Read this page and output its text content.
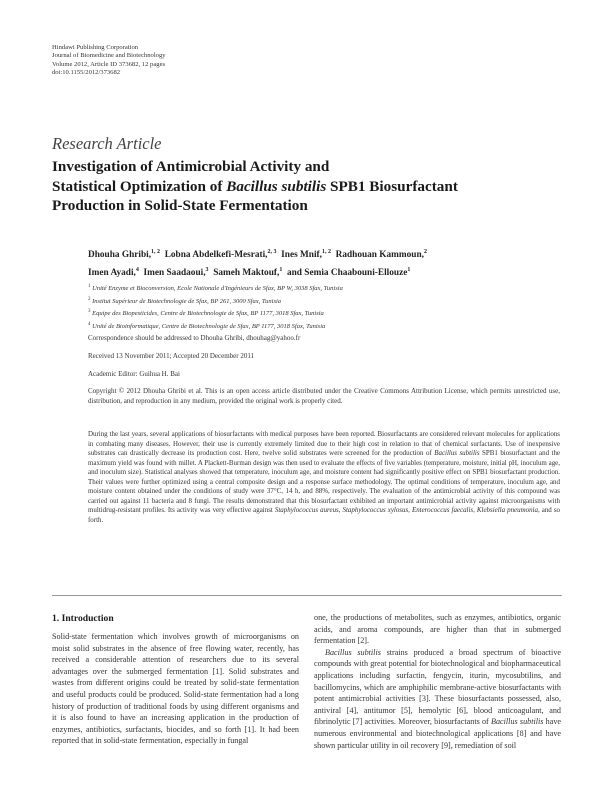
Hindawi Publishing Corporation
Journal of Biomedicine and Biotechnology
Volume 2012, Article ID 373682, 12 pages
doi:10.1155/2012/373682
Research Article
Investigation of Antimicrobial Activity and
Statistical Optimization of Bacillus subtilis SPB1 Biosurfactant
Production in Solid-State Fermentation
Dhouha Ghribi,$^{1, 2}$ Lobna Abdelkefi-Mesrati,$^{2, 3}$ Ines Mnif,$^{1, 2}$ Radhouan Kammoun,$^2$
Imen Ayadi,$^4$ Imen Saadaoui,$^3$ Sameh Maktouf,$^1$ and Semia Chaabouni-Ellouze$^1$
$^1$ Unité Enzyme et Bioconversion, Ecole Nationale d'Ingénieurs de Sfax, BP W, 3038 Sfax, Tunisia
$^2$ Institut Supérieur de Biotechnologie de Sfax, BP 261, 3000 Sfax, Tunisia
$^3$ Equipe des Biopesticides, Centre de Biotechnologie de Sfax, BP 1177, 3018 Sfax, Tunisia
$^4$ Unité de Bioinformatique, Centre de Biotechnologie de Sfax, BP 1177, 3018 Sfax, Tunisia
Correspondence should be addressed to Dhouha Ghribi, dhouhag@yahoo.fr
Received 13 November 2011; Accepted 20 December 2011
Academic Editor: Guihua H. Bai
Copyright © 2012 Dhouha Ghribi et al. This is an open access article distributed under the Creative Commons Attribution License, which permits unrestricted use, distribution, and reproduction in any medium, provided the original work is properly cited.
During the last years, several applications of biosurfactants with medical purposes have been reported. Biosurfactants are considered relevant molecules for applications in combating many diseases. However, their use is currently extremely limited due to their high cost in relation to that of chemical surfactants. Use of inexpensive substrates can drastically decrease its production cost. Here, twelve solid substrates were screened for the production of Bacillus subtilis SPB1 biosurfactant and the maximum yield was found with millet. A Plackett-Burman design was then used to evaluate the effects of five variables (temperature, moisture, initial pH, inoculum age, and inoculum size). Statistical analyses showed that temperature, inoculum age, and moisture content had significantly positive effect on SPB1 biosurfactant production. Their values were further optimized using a central composite design and a response surface methodology. The optimal conditions of temperature, inoculum age, and moisture content obtained under the conditions of study were 37°C, 14 h, and 88%, respectively. The evaluation of the antimicrobial activity of this compound was carried out against 11 bacteria and 8 fungi. The results demonstrated that this biosurfactant exhibited an important antimicrobial activity against microorganisms with multidrug-resistant profiles. Its activity was very effective against Staphylococcus aureus, Staphylococcus xylosus, Enterococcus faecalis, Klebsiella pneumonia, and so forth.
1. Introduction

Solid-state fermentation which involves growth of microorganisms on moist solid substrates in the absence of free flowing water, recently, has received a considerable attention of researchers due to its several advantages over the submerged fermentation [1]. Solid substrates and wastes from different origins could be treated by solid-state fermentation and useful products could be produced. Solid-state fermentation had a long history of production of traditional foods by using different organisms and it is also found to have an increasing application in the production of enzymes, antibiotics, surfactants, biocides, and so forth [1]. It had been reported that in solid-state fermentation, especially in fungal

one, the productions of metabolites, such as enzymes, antibiotics, organic acids, and aroma compounds, are higher than that in submerged fermentation [2].

Bacillus subtilis strains produced a broad spectrum of bioactive compounds with great potential for biotechnological and biopharmaceutical applications including surfactin, fengycin, iturin, mycosubtilins, and bacillomycins, which are amphiphilic membrane-active biosurfactants with potent antimicrobial activities [3]. These biosurfactants possessed, also, antiviral [4], antitumor [5], hemolytic [6], blood anticoagulant, and fibrinolytic [7] activities. Moreover, biosurfactants of Bacillus subtilis have numerous environmental and biotechnological applications [8] and have shown particular utility in oil recovery [9], remediation of soil
